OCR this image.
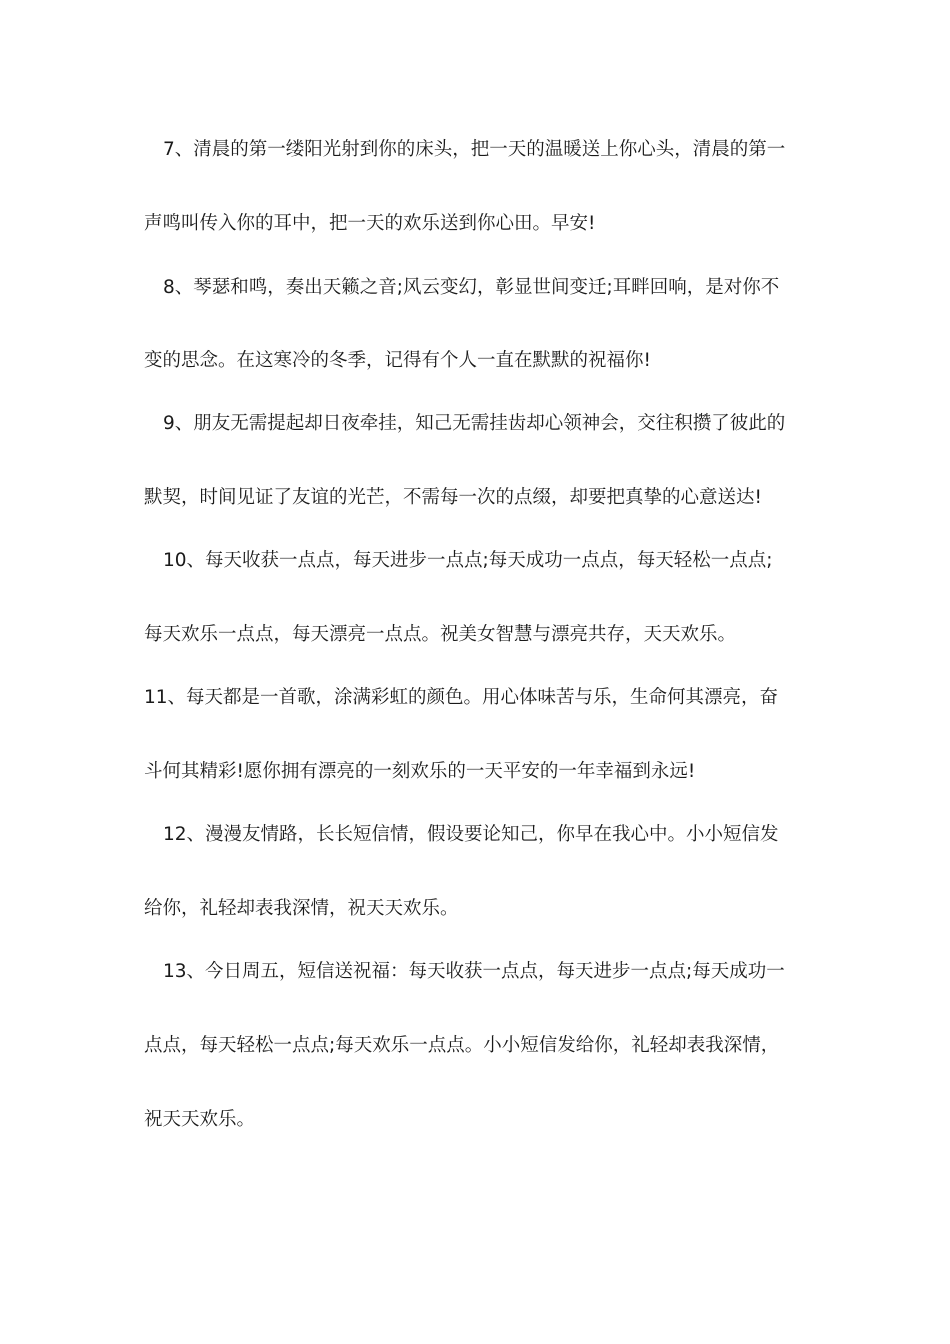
7、清晨的第一缕阳光射到你的床头，把一天的温暖送上你心头，清晨的第一
声鸣叫传入你的耳中，把一天的欢乐送到你心田。早安!
8、琴瑟和鸣，奏出天籁之音;风云变幻，彰显世间变迁;耳畔回响，是对你不
变的思念。在这寒冷的冬季，记得有个人一直在默默的祝福你!
9、朋友无需提起却日夜牵挂，知己无需挂齿却心领神会，交往积攒了彼此的
默契，时间见证了友谊的光芒，不需每一次的点缀，却要把真挚的心意送达!
10、每天收获一点点，每天进步一点点;每天成功一点点，每天轻松一点点;
每天欢乐一点点，每天漂亮一点点。祝美女智慧与漂亮共存，天天欢乐。
11、每天都是一首歌，涂满彩虹的颜色。用心体味苦与乐，生命何其漂亮，奋
斗何其精彩!愿你拥有漂亮的一刻欢乐的一天平安的一年幸福到永远!
12、漫漫友情路，长长短信情，假设要论知己，你早在我心中。小小短信发
给你，礼轻却表我深情，祝天天欢乐。
13、今日周五，短信送祝福：每天收获一点点，每天进步一点点;每天成功一
点点，每天轻松一点点;每天欢乐一点点。小小短信发给你，礼轻却表我深情，
祝天天欢乐。
